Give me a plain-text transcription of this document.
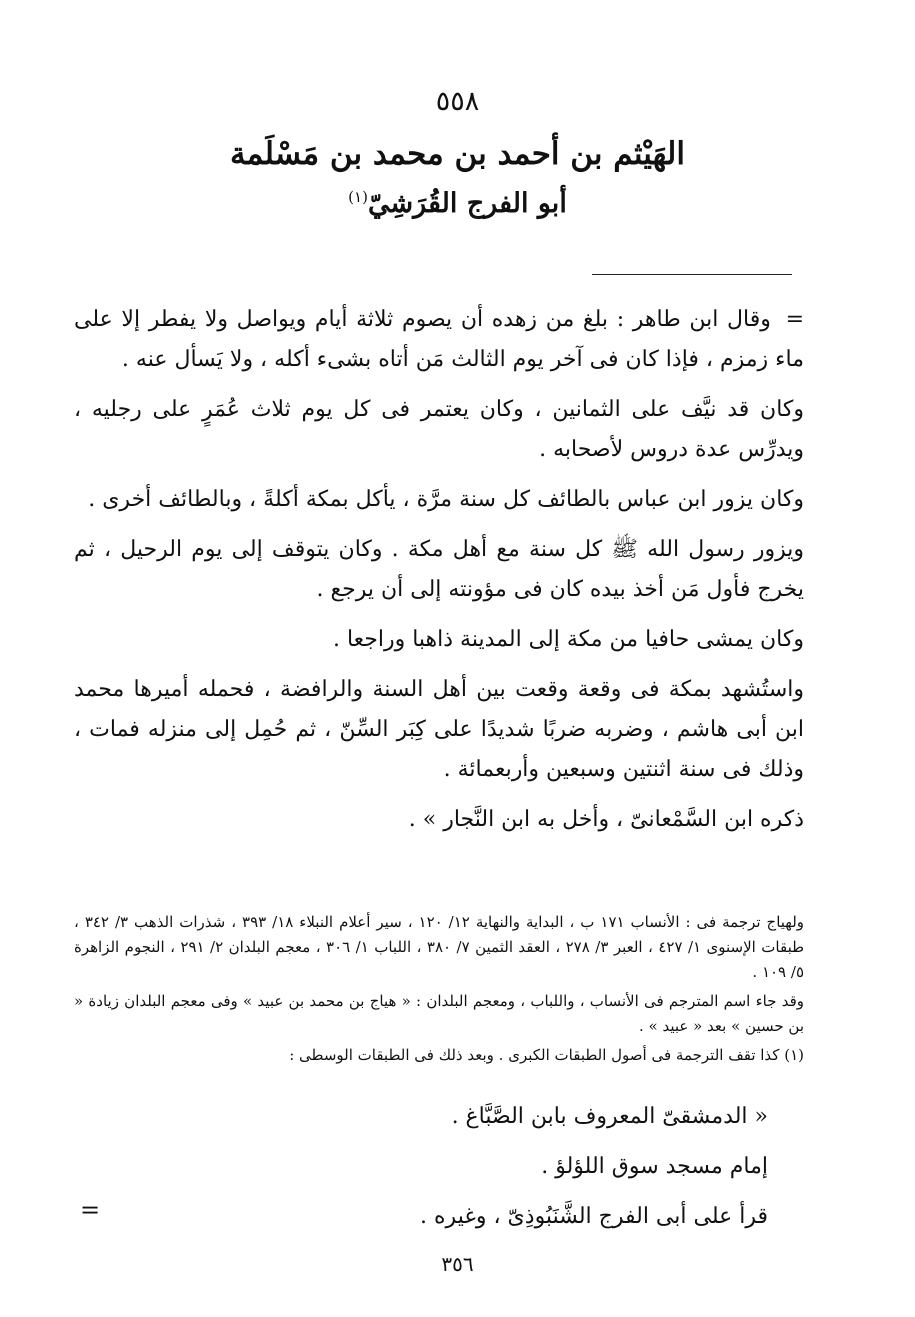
٥٥٨
الهَيْثم بن أحمد بن محمد بن مَسْلَمة
أبو الفرج القُرَشِيّ$^{(١)}$

= وقال ابن طاهر : بلغ من زهده أن يصوم ثلاثة أيام ويواصل ولا يفطر إلا على ماء زمزم ، فإذا كان فى آخر يوم الثالث مَن أتاه بشىء أكله ، ولا يَسأل عنه .

وكان قد نيَّف على الثمانين ، وكان يعتمر فى كل يوم ثلاث عُمَرٍ على رجليه ، ويدرِّس عدة دروس لأصحابه .

وكان يزور ابن عباس بالطائف كل سنة مرَّة ، يأكل بمكة أكلةً ، وبالطائف أخرى .

ويزور رسول الله ﷺ كل سنة مع أهل مكة . وكان يتوقف إلى يوم الرحيل ، ثم يخرج فأول مَن أخذ بيده كان فى مؤونته إلى أن يرجع .

وكان يمشى حافيا من مكة إلى المدينة ذاهبا وراجعا .

واستُشهد بمكة فى وقعة وقعت بين أهل السنة والرافضة ، فحمله أميرها محمد ابن أبى هاشم ، وضربه ضربًا شديدًا على كِبَر السِّنّ ، ثم حُمِل إلى منزله فمات ، وذلك فى سنة اثنتين وسبعين وأربعمائة .

ذكره ابن السَّمْعانىّ ، وأخل به ابن النَّجار » .

ولهياج ترجمة فى : الأنساب ١٧١ ب ، البداية والنهاية ١٢/ ١٢٠ ، سير أعلام النبلاء ١٨/ ٣٩٣ ، شذرات الذهب ٣/ ٣٤٢ ، طبقات الإسنوى ١/ ٤٢٧ ، العبر ٣/ ٢٧٨ ، العقد الثمين ٧/ ٣٨٠ ، اللباب ١/ ٣٠٦ ، معجم البلدان ٢/ ٢٩١ ، النجوم الزاهرة ٥/ ١٠٩ .

وقد جاء اسم المترجم فى الأنساب ، واللباب ، ومعجم البلدان : « هياج بن محمد بن عبيد » وفى معجم البلدان زيادة « بن حسين » بعد « عبيد » .

(١) كذا تقف الترجمة فى أصول الطبقات الكبرى . وبعد ذلك فى الطبقات الوسطى :

« الدمشقىّ المعروف بابن الصَّبَّاغ .

إمام مسجد سوق اللؤلؤ .

قرأ على أبى الفرج الشَّنَبُوذِىّ ، وغيره .

=
٣٥٦
